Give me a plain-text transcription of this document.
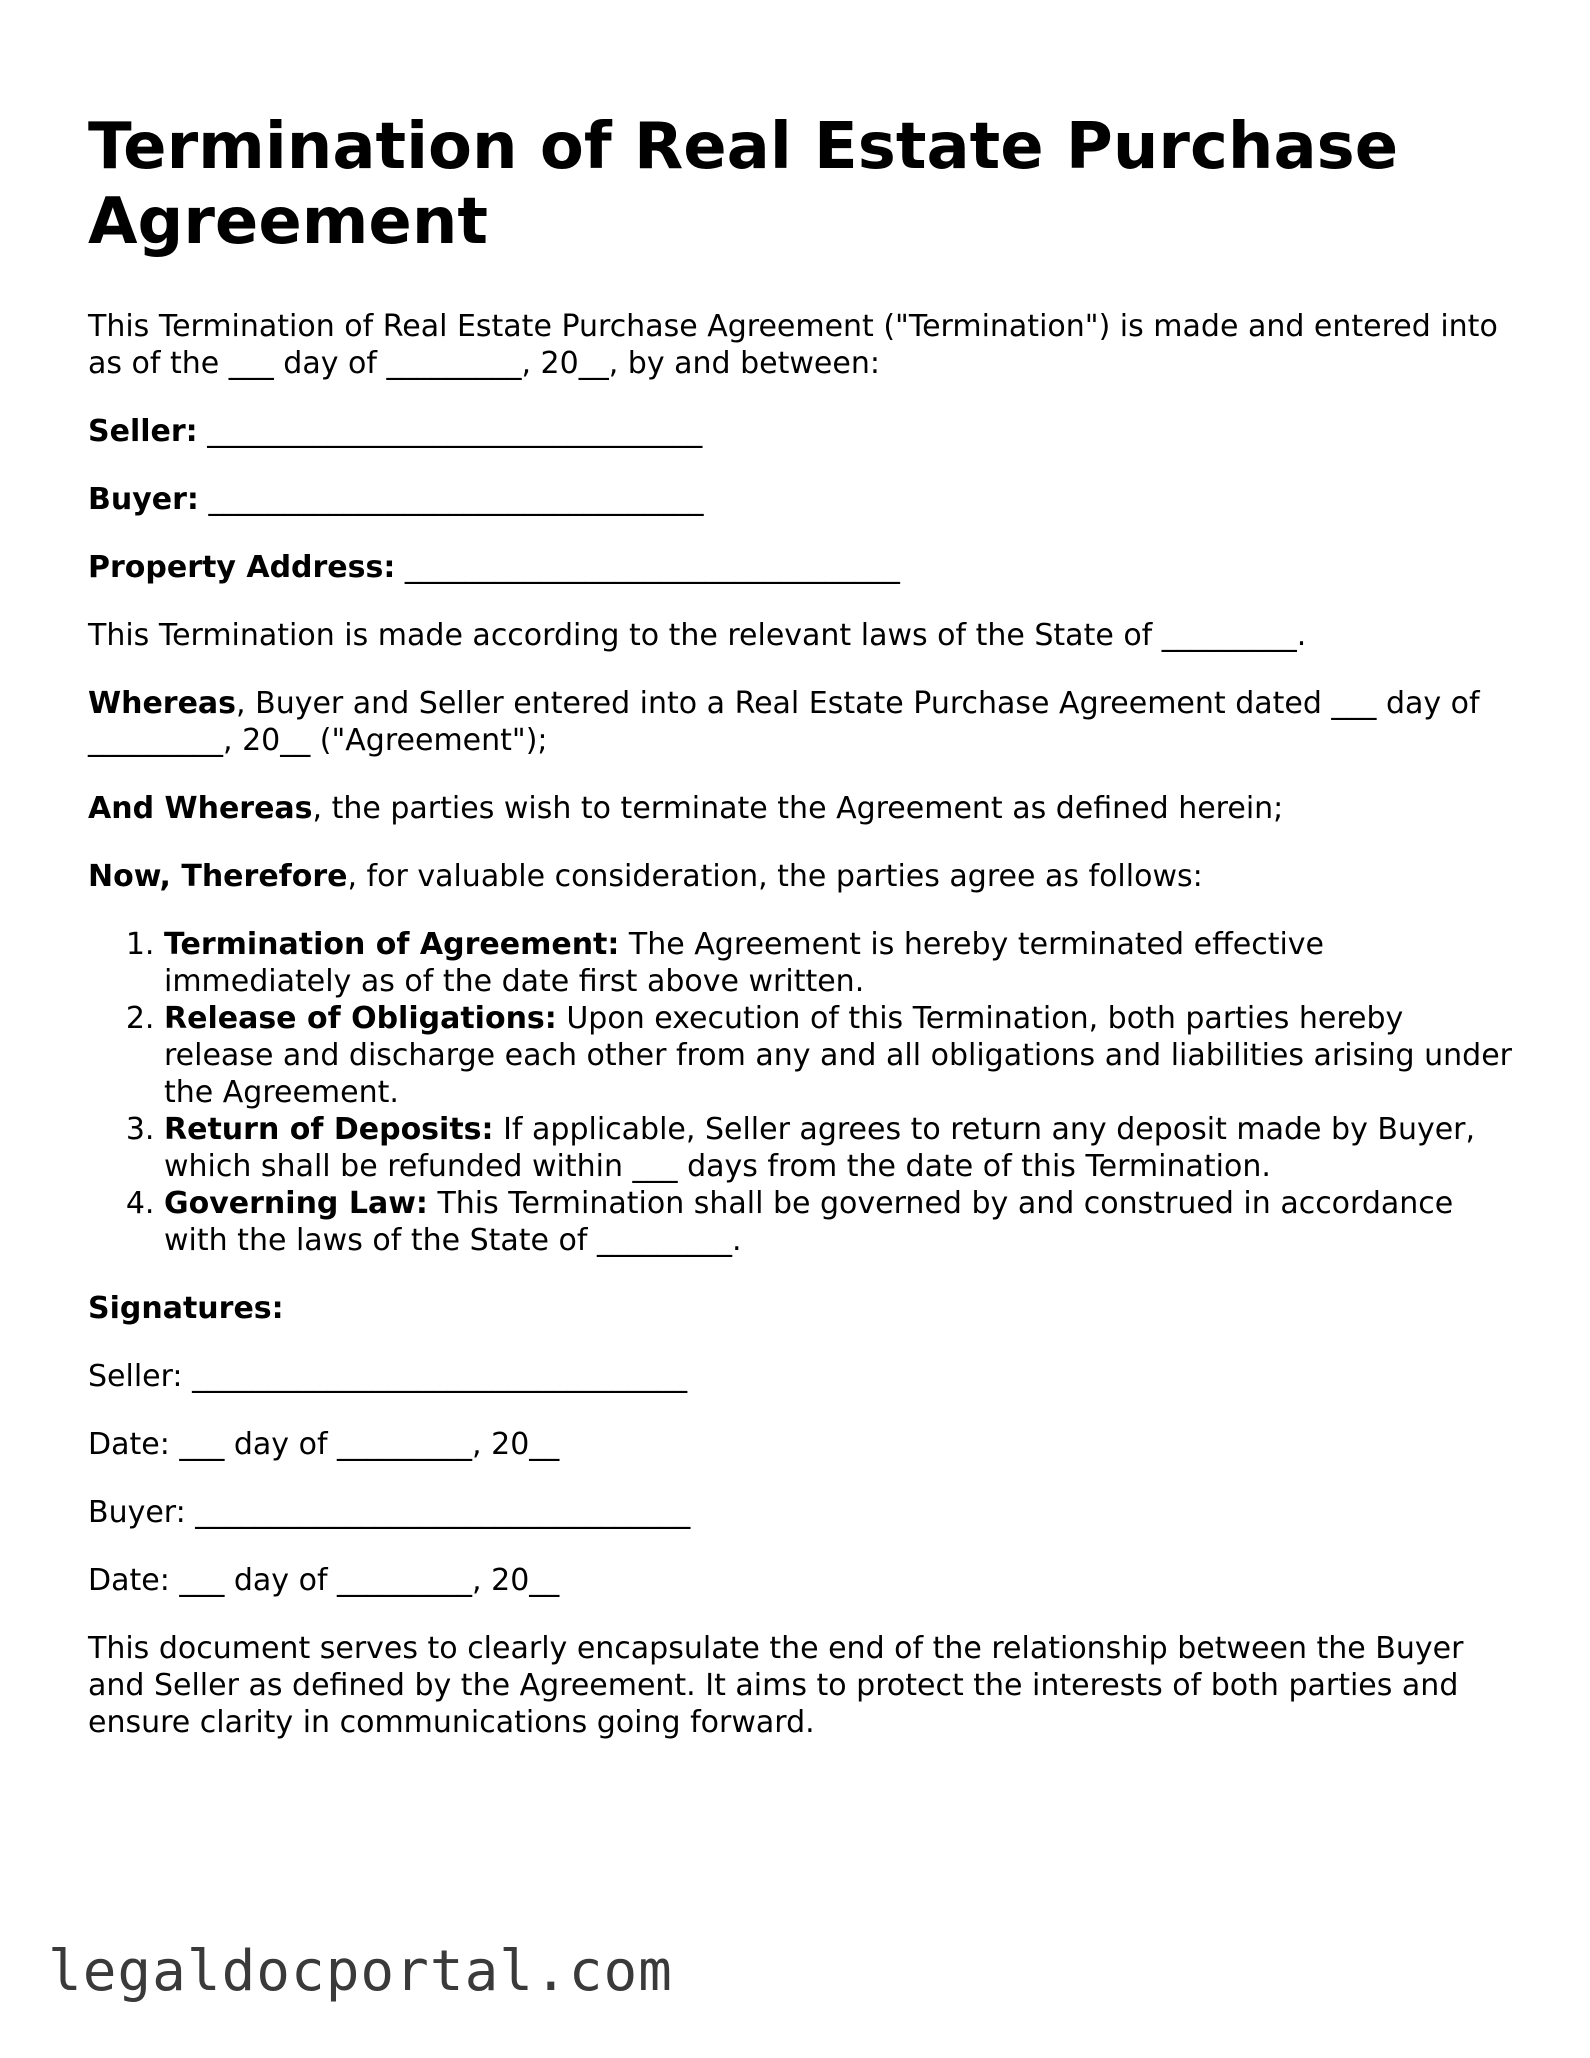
Termination of Real Estate Purchase Agreement

This Termination of Real Estate Purchase Agreement ("Termination") is made and entered into as of the ___ day of _________, 20__, by and between:

Seller: _________________________________

Buyer: _________________________________

Property Address: _________________________________

This Termination is made according to the relevant laws of the State of _________.

Whereas, Buyer and Seller entered into a Real Estate Purchase Agreement dated ___ day of _________, 20__ ("Agreement");

And Whereas, the parties wish to terminate the Agreement as defined herein;

Now, Therefore, for valuable consideration, the parties agree as follows:

1. Termination of Agreement: The Agreement is hereby terminated effective immediately as of the date first above written.
2. Release of Obligations: Upon execution of this Termination, both parties hereby release and discharge each other from any and all obligations and liabilities arising under the Agreement.
3. Return of Deposits: If applicable, Seller agrees to return any deposit made by Buyer, which shall be refunded within ___ days from the date of this Termination.
4. Governing Law: This Termination shall be governed by and construed in accordance with the laws of the State of _________.

Signatures:

Seller: _________________________________

Date: ___ day of _________, 20__

Buyer: _________________________________

Date: ___ day of _________, 20__

This document serves to clearly encapsulate the end of the relationship between the Buyer and Seller as defined by the Agreement. It aims to protect the interests of both parties and ensure clarity in communications going forward.

legaldocportal.com
